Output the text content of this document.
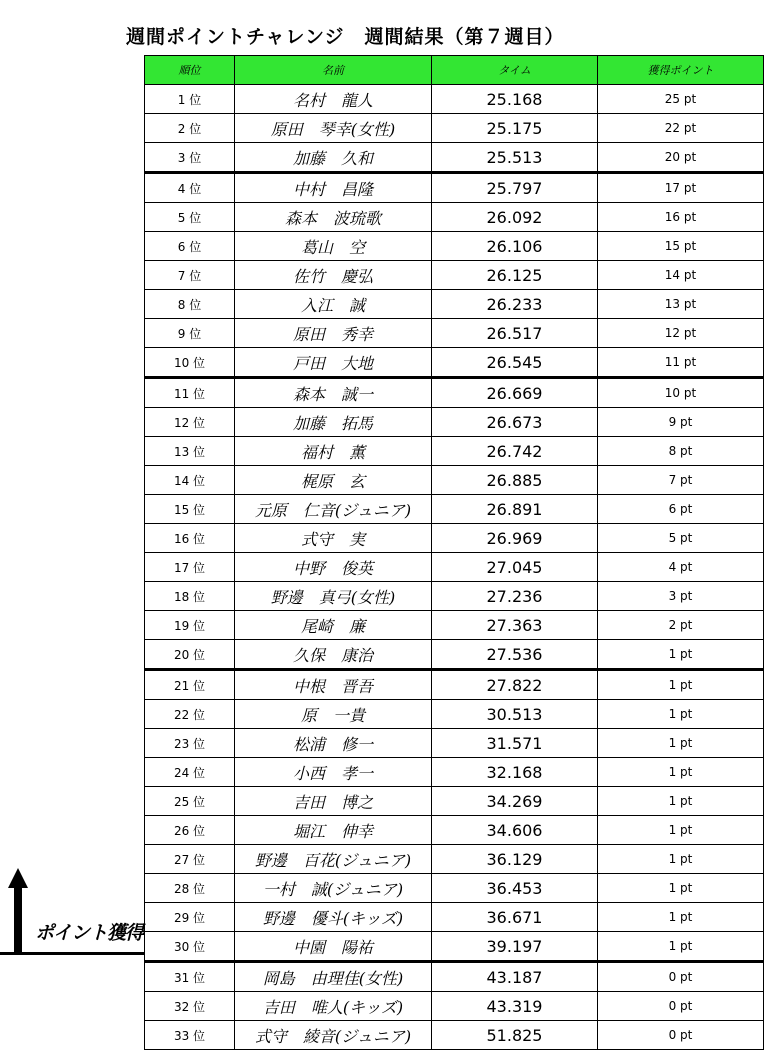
週間ポイントチャレンジ　週間結果（第７週目）
順位	名前	タイム	獲得ポイント
1 位	名村　龍人	25.168	25 pt
2 位	原田　琴幸(女性)	25.175	22 pt
3 位	加藤　久和	25.513	20 pt
4 位	中村　昌隆	25.797	17 pt
5 位	森本　波琉歌	26.092	16 pt
6 位	葛山　空	26.106	15 pt
7 位	佐竹　慶弘	26.125	14 pt
8 位	入江　誠	26.233	13 pt
9 位	原田　秀幸	26.517	12 pt
10 位	戸田　大地	26.545	11 pt
11 位	森本　誠一	26.669	10 pt
12 位	加藤　拓馬	26.673	9 pt
13 位	福村　薫	26.742	8 pt
14 位	梶原　玄	26.885	7 pt
15 位	元原　仁音(ジュニア)	26.891	6 pt
16 位	式守　実	26.969	5 pt
17 位	中野　俊英	27.045	4 pt
18 位	野邊　真弓(女性)	27.236	3 pt
19 位	尾崎　廉	27.363	2 pt
20 位	久保　康治	27.536	1 pt
21 位	中根　晋吾	27.822	1 pt
22 位	原　一貴	30.513	1 pt
23 位	松浦　修一	31.571	1 pt
24 位	小西　孝一	32.168	1 pt
25 位	吉田　博之	34.269	1 pt
26 位	堀江　伸幸	34.606	1 pt
27 位	野邊　百花(ジュニア)	36.129	1 pt
28 位	一村　誠(ジュニア)	36.453	1 pt
29 位	野邊　優斗(キッズ)	36.671	1 pt
30 位	中園　陽祐	39.197	1 pt
31 位	岡島　由理佳(女性)	43.187	0 pt
32 位	吉田　唯人(キッズ)	43.319	0 pt
33 位	式守　綾音(ジュニア)	51.825	0 pt
ポイント獲得
